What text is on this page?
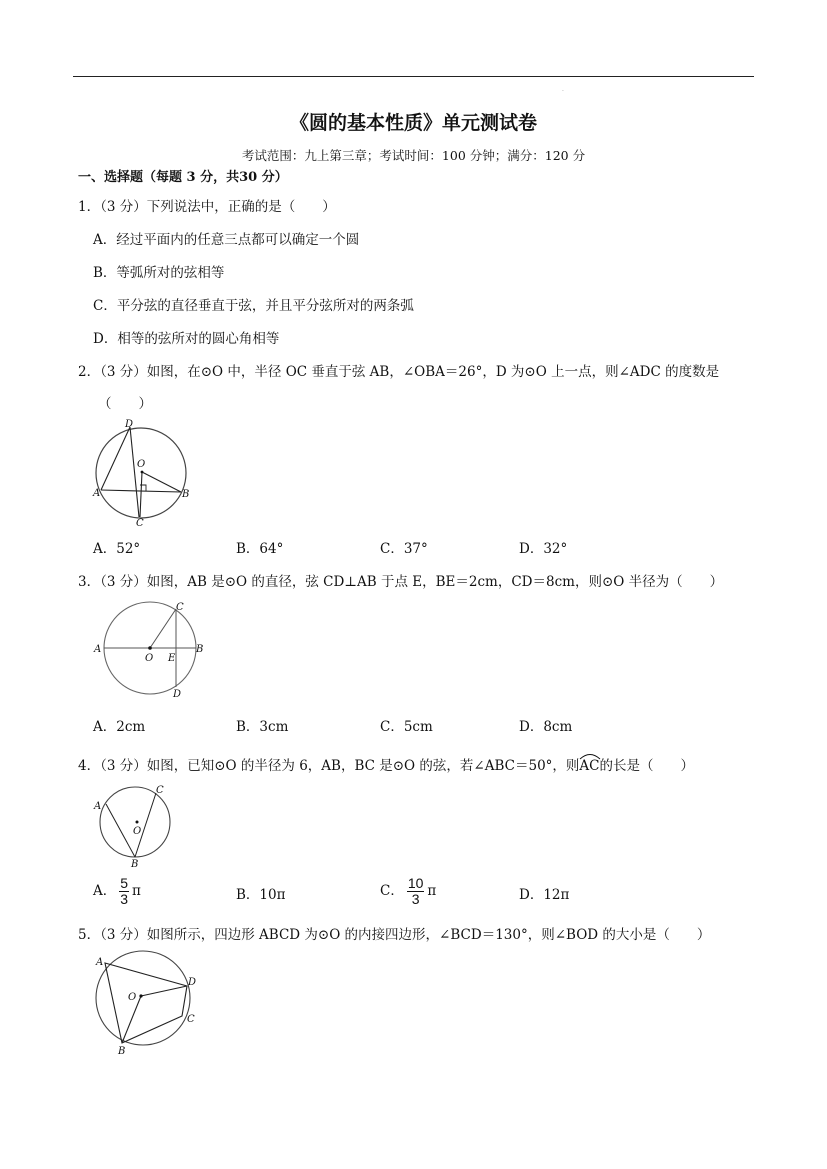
·
《圆的基本性质》单元测试卷
考试范围：九上第三章；考试时间：100 分钟；满分：120 分
一、选择题（每题 3 分，共30 分）
1．（3 分）下列说法中，正确的是（　　）
A．经过平面内的任意三点都可以确定一个圆
B．等弧所对的弦相等
C．平分弦的直径垂直于弦，并且平分弦所对的两条弧
D．相等的弦所对的圆心角相等
2．（3 分）如图，在⊙O 中，半径 OC 垂直于弦 AB，∠OBA＝26°，D 为⊙O 上一点，则∠ADC 的度数是
（　　）
D
O
A	B
C
A．52°	B．64°	C．37°	D．32°
3．（3 分）如图，AB 是⊙O 的直径，弦 CD⊥AB 于点 E，BE＝2cm，CD＝8cm，则⊙O 半径为（　　）
C
A
O E
B
D
A．2cm	B．3cm	C．5cm	D．8cm
4．（3 分）如图，已知⊙O 的半径为 6，AB，BC 是⊙O 的弦，若∠ABC＝50°，则
AC的长是（　　）
C
A
O
B
A． $\frac{5}{3}$ π	B．10π	C． $\frac{10}{3}$ π	D．12π
5．（3 分）如图所示，四边形 ABCD 为⊙O 的内接四边形，∠BCD＝130°，则∠BOD 的大小是（　　）
A
D
O
C
B
